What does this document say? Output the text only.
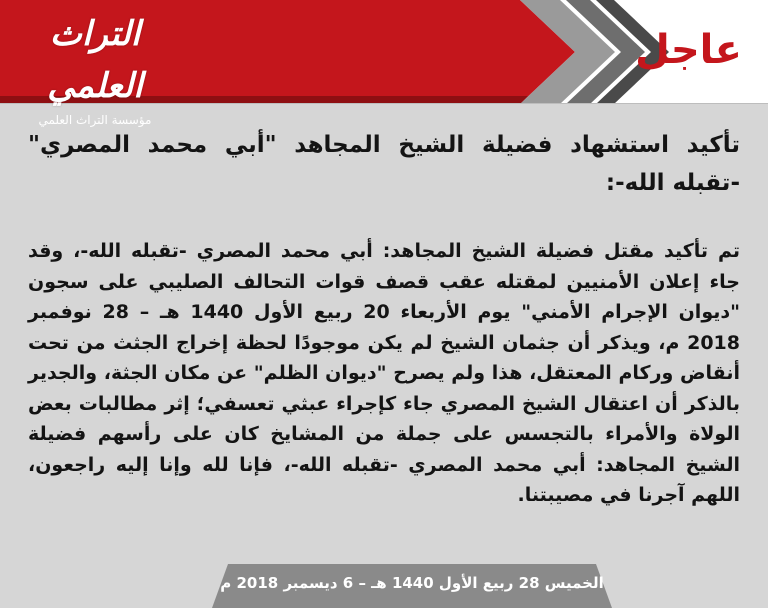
التراث العلمي
مؤسسة التراث العلمي
عاجل

تأكيد استشهاد فضيلة الشيخ المجاهد "أبي محمد المصري" -تقبله الله-:

تم تأكيد مقتل فضيلة الشيخ المجاهد: أبي محمد المصري -تقبله الله-، وقد جاء إعلان الأمنيين لمقتله عقب قصف قوات التحالف الصليبي على سجون "ديوان الإجرام الأمني" يوم الأربعاء 20 ربيع الأول 1440 هـ – 28 نوفمبر 2018 م، ويذكر أن جثمان الشيخ لم يكن موجودًا لحظة إخراج الجثث من تحت أنقاض وركام المعتقل، هذا ولم يصرح "ديوان الظلم" عن مكان الجثة، والجدير بالذكر أن اعتقال الشيخ المصري جاء كإجراء عبثي تعسفي؛ إثر مطالبات بعض الولاة والأمراء بالتجسس على جملة من المشايخ كان على رأسهم فضيلة الشيخ المجاهد: أبي محمد المصري -تقبله الله-، فإنا لله وإنا إليه راجعون، اللهم آجرنا في مصيبتنا.

الخميس 28 ربيع الأول 1440 هـ – 6 ديسمبر 2018 م
